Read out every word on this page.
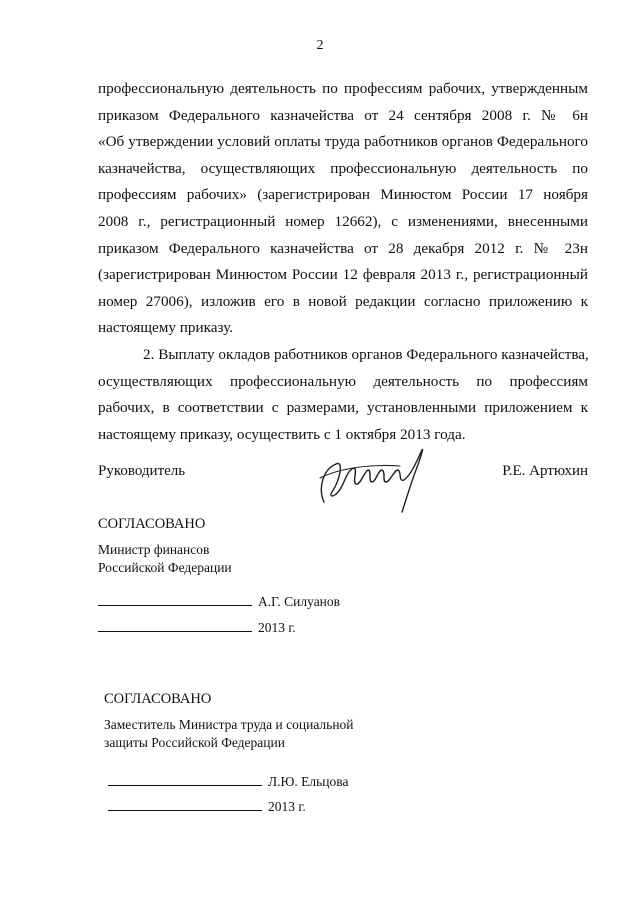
2
профессиональную деятельность по профессиям рабочих, утвержденным
приказом Федерального казначейства от 24 сентября 2008 г. № 6н
«Об утверждении условий оплаты труда работников органов Федерального
казначейства, осуществляющих профессиональную деятельность по
профессиям рабочих» (зарегистрирован Минюстом России 17 ноября
2008 г., регистрационный номер 12662), с изменениями, внесенными
приказом Федерального казначейства от 28 декабря 2012 г. № 23н
(зарегистрирован Минюстом России 12 февраля 2013 г., регистрационный
номер 27006), изложив его в новой редакции согласно приложению к
настоящему приказу.
2. Выплату окладов работников органов Федерального казначейства,
осуществляющих профессиональную деятельность по профессиям
рабочих, в соответствии с размерами, установленными приложением к
настоящему приказу, осуществить с 1 октября 2013 года.
Руководитель	Р.Е. Артюхин
СОГЛАСОВАНО
Министр финансов
Российской Федерации
А.Г. Силуанов
2013 г.
СОГЛАСОВАНО
Заместитель Министра труда и социальной
защиты Российской Федерации
Л.Ю. Ельцова
2013 г.
